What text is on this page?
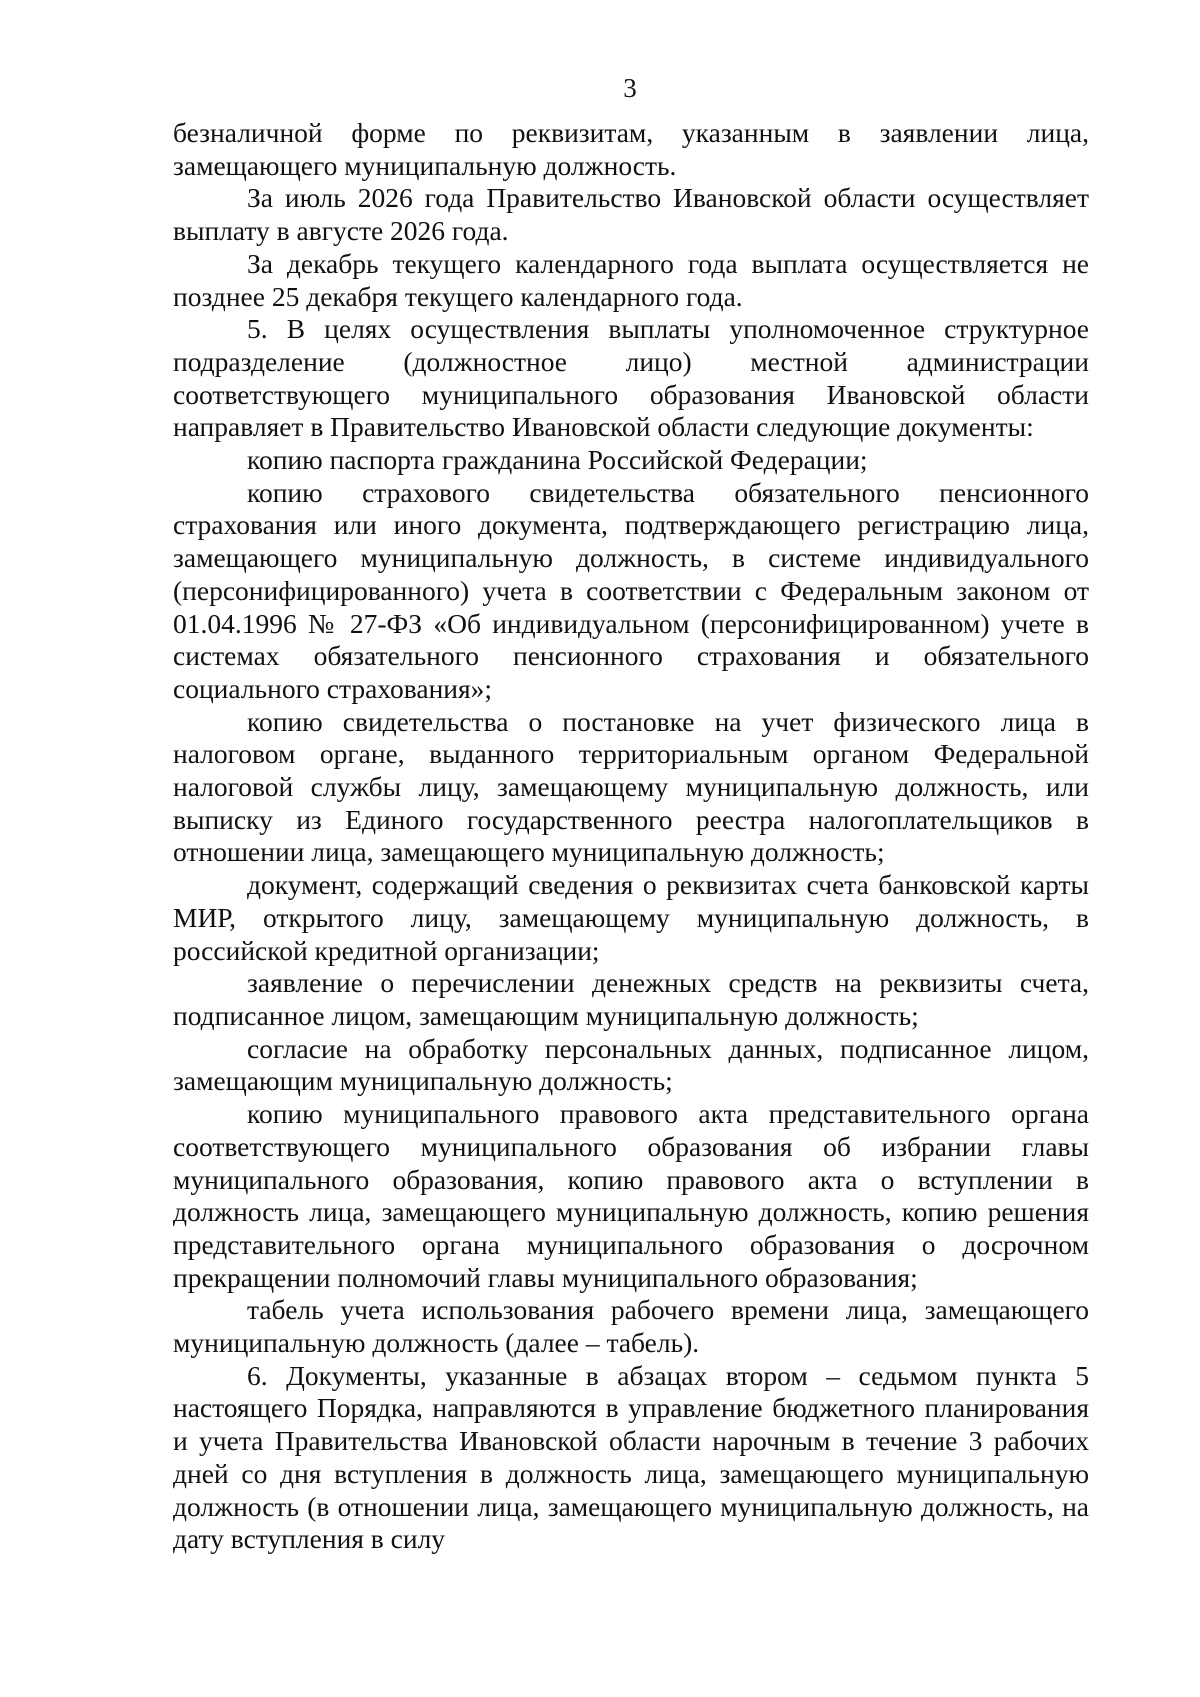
3

безналичной форме по реквизитам, указанным в заявлении лица, замещающего муниципальную должность.

За июль 2026 года Правительство Ивановской области осуществляет выплату в августе 2026 года.

За декабрь текущего календарного года выплата осуществляется не позднее 25 декабря текущего календарного года.

5. В целях осуществления выплаты уполномоченное структурное подразделение (должностное лицо) местной администрации соответствующего муниципального образования Ивановской области направляет в Правительство Ивановской области следующие документы:

копию паспорта гражданина Российской Федерации;

копию страхового свидетельства обязательного пенсионного страхования или иного документа, подтверждающего регистрацию лица, замещающего муниципальную должность, в системе индивидуального (персонифицированного) учета в соответствии с Федеральным законом от 01.04.1996 № 27-ФЗ «Об индивидуальном (персонифицированном) учете в системах обязательного пенсионного страхования и обязательного социального страхования»;

копию свидетельства о постановке на учет физического лица в налоговом органе, выданного территориальным органом Федеральной налоговой службы лицу, замещающему муниципальную должность, или выписку из Единого государственного реестра налогоплательщиков в отношении лица, замещающего муниципальную должность;

документ, содержащий сведения о реквизитах счета банковской карты МИР, открытого лицу, замещающему муниципальную должность, в российской кредитной организации;

заявление о перечислении денежных средств на реквизиты счета, подписанное лицом, замещающим муниципальную должность;

согласие на обработку персональных данных, подписанное лицом, замещающим муниципальную должность;

копию муниципального правового акта представительного органа соответствующего муниципального образования об избрании главы муниципального образования, копию правового акта о вступлении в должность лица, замещающего муниципальную должность, копию решения представительного органа муниципального образования о досрочном прекращении полномочий главы муниципального образования;

табель учета использования рабочего времени лица, замещающего муниципальную должность (далее – табель).

6. Документы, указанные в абзацах втором – седьмом пункта 5 настоящего Порядка, направляются в управление бюджетного планирования и учета Правительства Ивановской области нарочным в течение 3 рабочих дней со дня вступления в должность лица, замещающего муниципальную должность (в отношении лица, замещающего муниципальную должность, на дату вступления в силу
